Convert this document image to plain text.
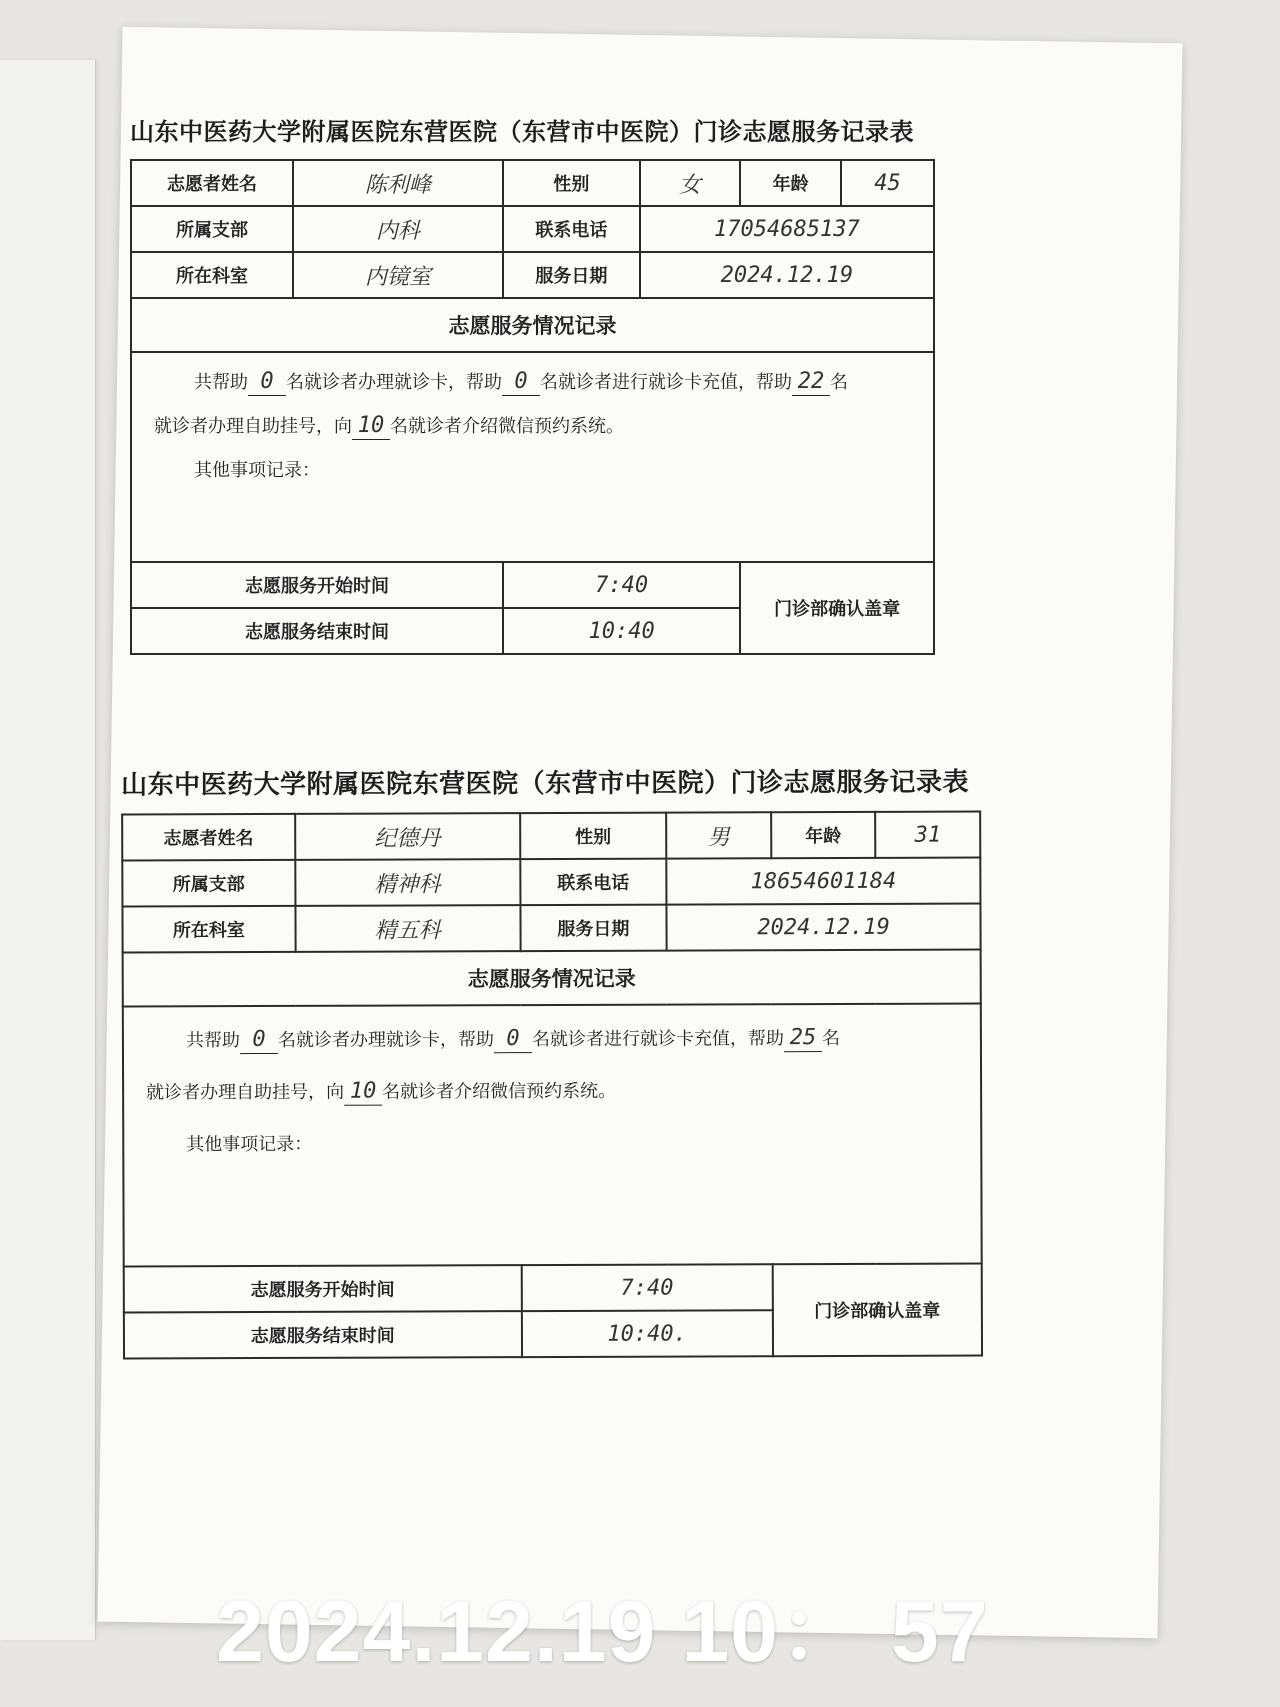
山东中医药大学附属医院东营医院（东营市中医院）门诊志愿服务记录表
志愿者姓名	陈利峰	性别	女	年龄	45
所属支部	内科	联系电话	17054685137		
所在科室	内镜室	服务日期	2024.12.19		
志愿服务情况记录					

共帮助 0 名就诊者办理就诊卡，帮助 0 名就诊者进行就诊卡充值，帮助 22 名
就诊者办理自助挂号，向 10 名就诊者介绍微信预约系统。
其他事项记录：					

志愿服务开始时间		7:40		门诊部确认盖章	
志愿服务结束时间		10:40			
山东中医药大学附属医院东营医院（东营市中医院）门诊志愿服务记录表
志愿者姓名	纪德丹	性别	男	年龄	31
所属支部	精神科	联系电话	18654601184		
所在科室	精五科	服务日期	2024.12.19		
志愿服务情况记录					

共帮助 0 名就诊者办理就诊卡，帮助 0 名就诊者进行就诊卡充值，帮助 25 名
就诊者办理自助挂号，向 10 名就诊者介绍微信预约系统。
其他事项记录：					

志愿服务开始时间		7:40		门诊部确认盖章	
志愿服务结束时间		10:40.			
2024.12.19 10： 57
